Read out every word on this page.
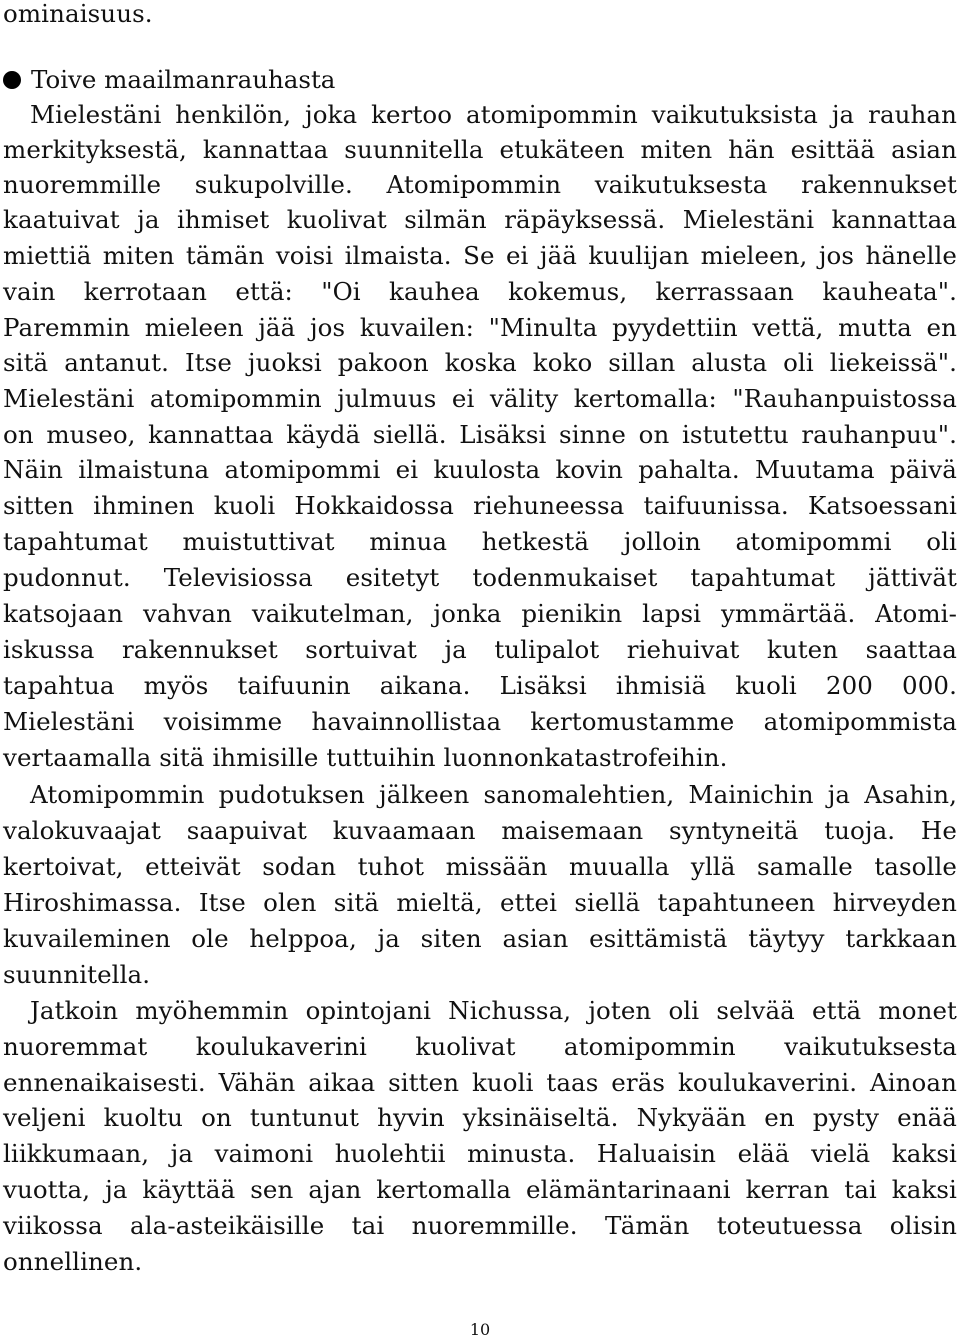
ominaisuus.
Toive maailmanrauhasta
Mielestäni henkilön, joka kertoo atomipommin vaikutuksista ja rauhan
merkityksestä, kannattaa suunnitella etukäteen miten hän esittää asian
nuoremmille sukupolville. Atomipommin vaikutuksesta rakennukset
kaatuivat ja ihmiset kuolivat silmän räpäyksessä. Mielestäni kannattaa
miettiä miten tämän voisi ilmaista. Se ei jää kuulijan mieleen, jos hänelle
vain kerrotaan että: "Oi kauhea kokemus, kerrassaan kauheata".
Paremmin mieleen jää jos kuvailen: "Minulta pyydettiin vettä, mutta en
sitä antanut. Itse juoksi pakoon koska koko sillan alusta oli liekeissä".
Mielestäni atomipommin julmuus ei välity kertomalla: "Rauhanpuistossa
on museo, kannattaa käydä siellä. Lisäksi sinne on istutettu rauhanpuu".
Näin ilmaistuna atomipommi ei kuulosta kovin pahalta. Muutama päivä
sitten ihminen kuoli Hokkaidossa riehuneessa taifuunissa. Katsoessani
tapahtumat muistuttivat minua hetkestä jolloin atomipommi oli
pudonnut. Televisiossa esitetyt todenmukaiset tapahtumat jättivät
katsojaan vahvan vaikutelman, jonka pienikin lapsi ymmärtää. Atomi-
iskussa rakennukset sortuivat ja tulipalot riehuivat kuten saattaa
tapahtua myös taifuunin aikana. Lisäksi ihmisiä kuoli 200 000.
Mielestäni voisimme havainnollistaa kertomustamme atomipommista
vertaamalla sitä ihmisille tuttuihin luonnonkatastrofeihin.
Atomipommin pudotuksen jälkeen sanomalehtien, Mainichin ja Asahin,
valokuvaajat saapuivat kuvaamaan maisemaan syntyneitä tuoja. He
kertoivat, etteivät sodan tuhot missään muualla yllä samalle tasolle
Hiroshimassa. Itse olen sitä mieltä, ettei siellä tapahtuneen hirveyden
kuvaileminen ole helppoa, ja siten asian esittämistä täytyy tarkkaan
suunnitella.
Jatkoin myöhemmin opintojani Nichussa, joten oli selvää että monet
nuoremmat koulukaverini kuolivat atomipommin vaikutuksesta
ennenaikaisesti. Vähän aikaa sitten kuoli taas eräs koulukaverini. Ainoan
veljeni kuoltu on tuntunut hyvin yksinäiseltä. Nykyään en pysty enää
liikkumaan, ja vaimoni huolehtii minusta. Haluaisin elää vielä kaksi
vuotta, ja käyttää sen ajan kertomalla elämäntarinaani kerran tai kaksi
viikossa ala-asteikäisille tai nuoremmille. Tämän toteutuessa olisin
onnellinen.
10
